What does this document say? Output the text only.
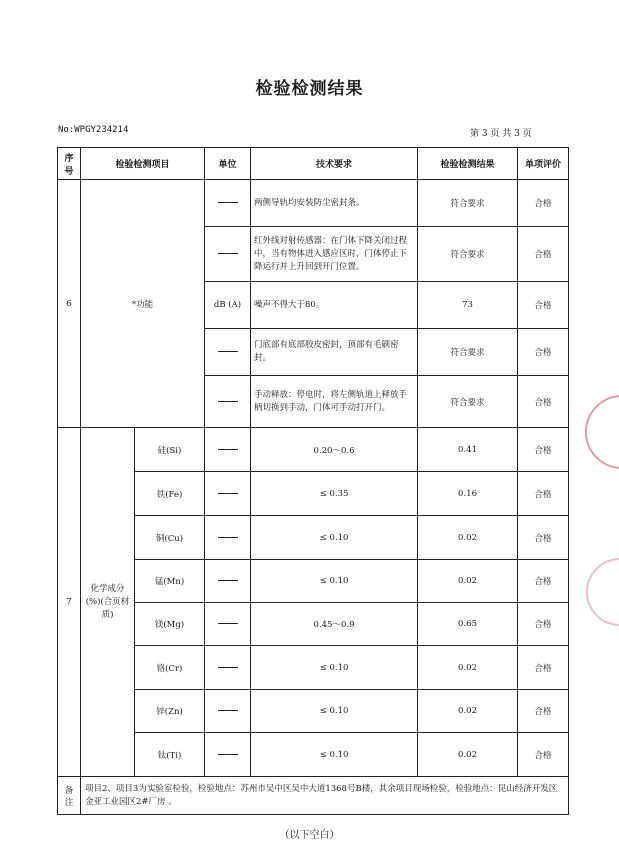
检验检测结果
No:WPGY234214	第 3 页 共 3 页
序号	检验检测项目		单位	技术要求	检验检测结果	单项评价
6	*功能			两侧导轨均安装防尘密封条。	符合要求	合格
				红外线对射传感器：在门体下降关闭过程中，当有物体进入感应区时，门体停止下降运行并上升回到开门位置。	符合要求	合格
			dB (A)	噪声不得大于80。	73	合格
				门底部有底部胶皮密封，顶部有毛刷密封。	符合要求	合格
				手动释放：停电时，将左侧轨道上释放手柄切换到手动，门体可手动打开门。	符合要求	合格
7	化学成分(%)(合页材质)	硅(Si)		0.20～0.6	0.41	合格
		铁(Fe)		≤ 0.35	0.16	合格
		铜(Cu)		≤ 0.10	0.02	合格
		锰(Mn)		≤ 0.10	0.02	合格
		镁(Mg)		0.45～0.9	0.65	合格
		铬(Cr)		≤ 0.10	0.02	合格
		锌(Zn)		≤ 0.10	0.02	合格
		钛(Ti)		≤ 0.10	0.02	合格
备注	项目2、项目3为实验室检验，检验地点：苏州市吴中区吴中大道1368号B楼，其余项目现场检验，检验地点：昆山经济开发区金亚工业园区2#厂房 。					
（以下空白）
